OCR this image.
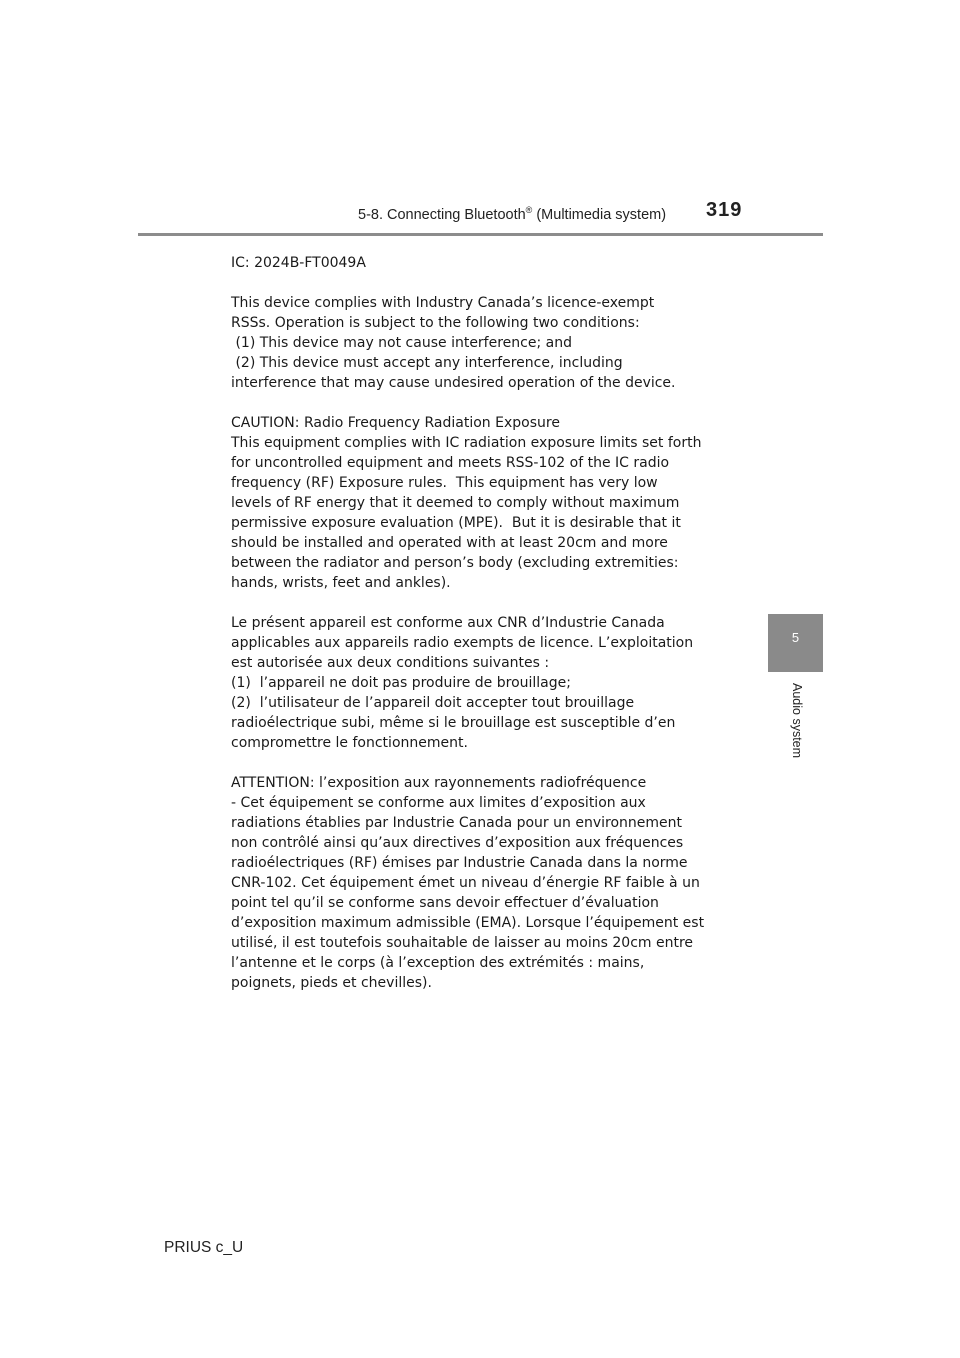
5-8. Connecting Bluetooth® (Multimedia system) 319
5
Audio system

IC: 2024B-FT0049A

This device complies with Industry Canada’s licence-exempt

RSSs. Operation is subject to the following two conditions:

(1) This device may not cause interference; and

(2) This device must accept any interference, including

interference that may cause undesired operation of the device.

CAUTION: Radio Frequency Radiation Exposure

This equipment complies with IC radiation exposure limits set forth

for uncontrolled equipment and meets RSS-102 of the IC radio

frequency (RF) Exposure rules.  This equipment has very low

levels of RF energy that it deemed to comply without maximum

permissive exposure evaluation (MPE).  But it is desirable that it

should be installed and operated with at least 20cm and more

between the radiator and person’s body (excluding extremities:

hands, wrists, feet and ankles).

Le présent appareil est conforme aux CNR d’Industrie Canada

applicables aux appareils radio exempts de licence. L’exploitation

est autorisée aux deux conditions suivantes :

(1)  l’appareil ne doit pas produire de brouillage;

(2)  l’utilisateur de l’appareil doit accepter tout brouillage

radioélectrique subi, même si le brouillage est susceptible d’en

compromettre le fonctionnement.

ATTENTION: l’exposition aux rayonnements radiofréquence

- Cet équipement se conforme aux limites d’exposition aux

radiations établies par Industrie Canada pour un environnement

non contrôlé ainsi qu’aux directives d’exposition aux fréquences

radioélectriques (RF) émises par Industrie Canada dans la norme

CNR-102. Cet équipement émet un niveau d’énergie RF faible à un

point tel qu’il se conforme sans devoir effectuer d’évaluation

d’exposition maximum admissible (EMA). Lorsque l’équipement est

utilisé, il est toutefois souhaitable de laisser au moins 20cm entre

l’antenne et le corps (à l’exception des extrémités : mains,

poignets, pieds et chevilles).

PRIUS c_U
